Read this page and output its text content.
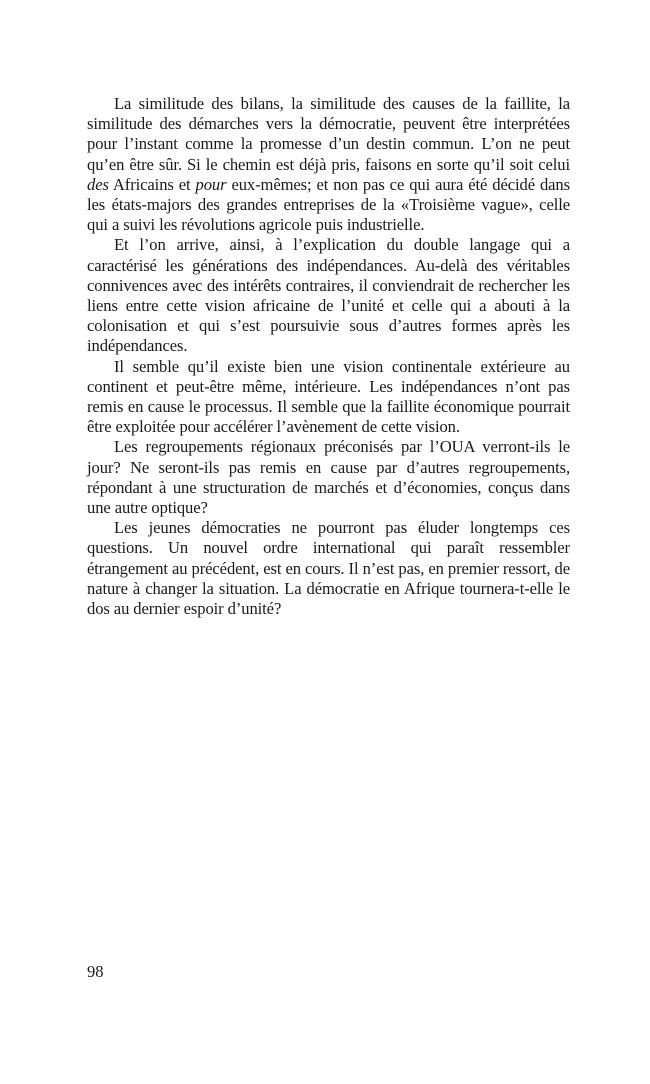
La similitude des bilans, la similitude des causes de la faillite, la similitude des démarches vers la démocratie, peuvent être interprétées pour l’instant comme la promesse d’un destin commun. L’on ne peut qu’en être sûr. Si le chemin est déjà pris, faisons en sorte qu’il soit celui des Africains et pour eux-mêmes; et non pas ce qui aura été décidé dans les états-majors des grandes entreprises de la «Troisième vague», celle qui a suivi les révolutions agricole puis industrielle.

Et l’on arrive, ainsi, à l’explication du double langage qui a caractérisé les générations des indépendances. Au-delà des véritables connivences avec des intérêts contraires, il conviendrait de rechercher les liens entre cette vision africaine de l’unité et celle qui a abouti à la colonisation et qui s’est poursuivie sous d’autres formes après les indépendances.

Il semble qu’il existe bien une vision continentale extérieure au continent et peut-être même, intérieure. Les indépendances n’ont pas remis en cause le processus. Il semble que la faillite économique pourrait être exploitée pour accélérer l’avènement de cette vision.

Les regroupements régionaux préconisés par l’OUA verront-ils le jour? Ne seront-ils pas remis en cause par d’autres regroupements, répondant à une structuration de marchés et d’économies, conçus dans une autre optique?

Les jeunes démocraties ne pourront pas éluder longtemps ces questions. Un nouvel ordre international qui paraît ressembler étrangement au précédent, est en cours. Il n’est pas, en premier ressort, de nature à changer la situation. La démocratie en Afrique tournera-t-elle le dos au dernier espoir d’unité?

98
